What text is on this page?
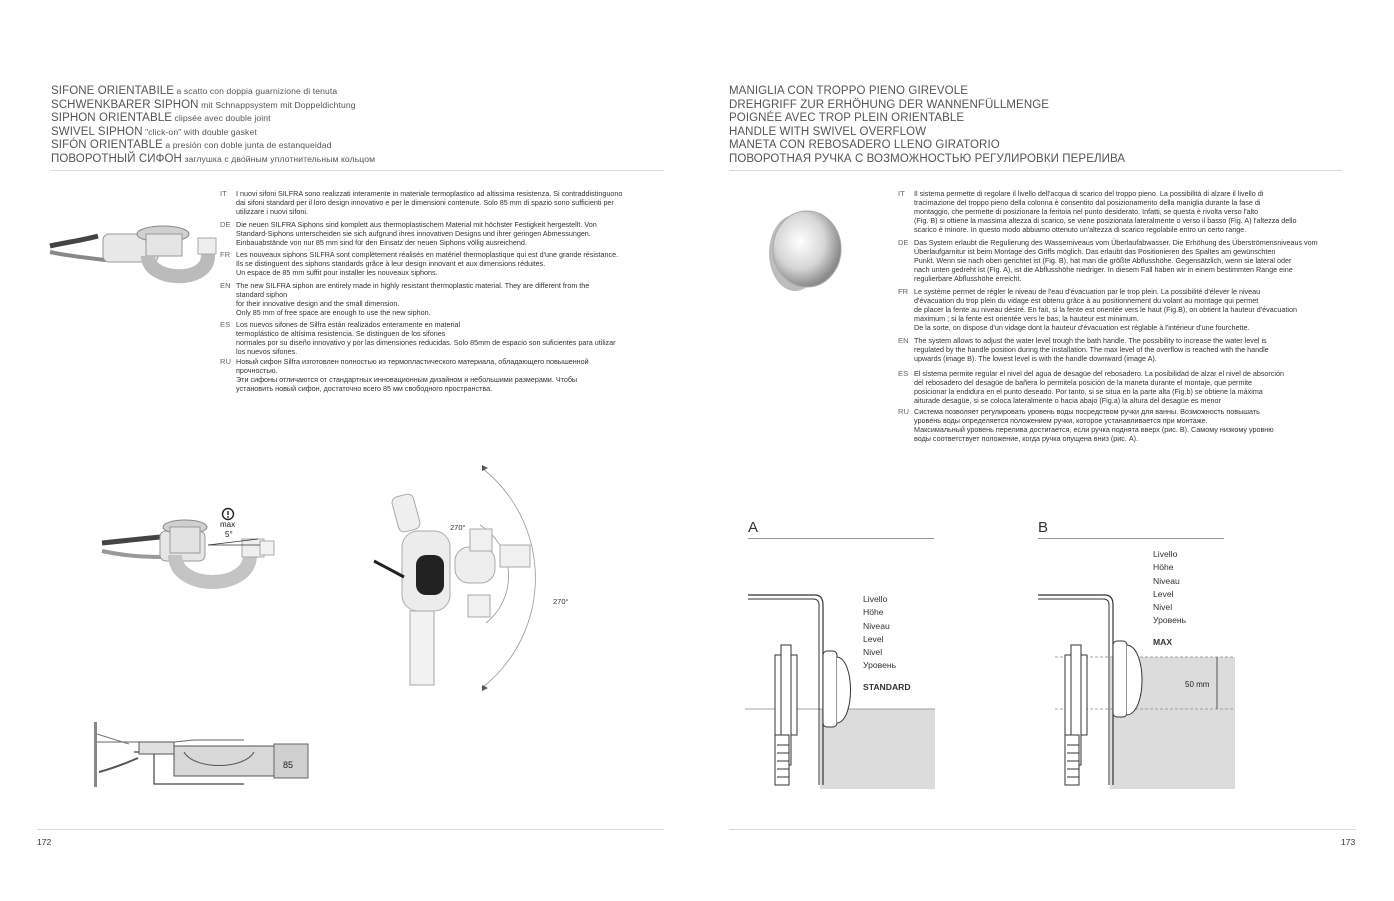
SIFONE ORIENTABILE a scatto con doppia guarnizione di tenuta
SCHWENKBARER SIPHON mit Schnappsystem mit Doppeldichtung
SIPHON ORIENTABLE clipsée avec double joint
SWIVEL SIPHON "click-on" with double gasket
SIFÓN ORIENTABLE a presión con doble junta de estanqueidad
ПОВОРОТНЫЙ СИФОН заглушка с двойным уплотнительным кольцом
IT I nuovi sifoni SILFRA sono realizzati interamente in materiale termoplastico ad altissima resistenza. Si contraddistinguono
dai sifoni standard per il loro design innovativo e per le dimensioni contenute. Solo 85 mm di spazio sono sufficienti per
utilizzare i nuovi sifoni.
DE Die neuen SILFRA Siphons sind komplett aus thermoplastischem Material mit höchster Festigkeit hergestellt. Von
Standard-Siphons unterscheiden sie sich aufgrund ihres innovativen Designs und ihrer geringen Abmessungen.
Einbauabstände von nur 85 mm sind für den Einsatz der neuen Siphons völlig ausreichend.
FR Les nouveaux siphons SILFRA sont complètement réalisés en matériel thermoplastique qui est d'une grande résistance.
Ils se distinguent des siphons standards grâce à leur design innovant et aux dimensions réduites.
Un espace de 85 mm suffit pour installer les nouveaux siphons.
EN The new SILFRA siphon are entirely made in highly resistant thermoplastic material. They are different from the
standard siphon
for their innovative design and the small dimension.
Only 85 mm of free space are enough to use the new siphon.
ES Los nuevos sifones de Silfra están realizados enteramente en material
termoplástico de altísima resistencia. Se distinguen de los sifones
normales por su diseño innovativo y por las dimensiones reducidas. Solo 85mm de espacio son suficientes para utilizar
los nuevos sifones.
RU Новый сифон Silfra изготовлен полностью из термопластического материала, обладающего повышенной
прочностью.
Эти сифоны отличаются от стандартных инновационным дизайном и небольшими размерами. Чтобы
установить новый сифон, достаточно всего 85 мм свободного пространства.
max
5°
270°
270°
85
172
MANIGLIA CON TROPPO PIENO GIREVOLE
DREHGRIFF ZUR ERHÖHUNG DER WANNENFÜLLMENGE
POIGNÉE AVEC TROP PLEIN ORIENTABLE
HANDLE WITH SWIVEL OVERFLOW
MANETA CON REBOSADERO LLENO GIRATORIO
ПОВОРОТНАЯ РУЧКА С ВОЗМОЖНОСТЬЮ РЕГУЛИРОВКИ ПЕРЕЛИВА
IT Il sistema permette di regolare il livello dell'acqua di scarico del troppo pieno. La possibilità di alzare il livello di
tracimazione del troppo pieno della colonna è consentito dal posizionamento della maniglia durante la fase di
montaggio, che permette di posizionare la feritoia nel punto desiderato. Infatti, se questa è rivolta verso l'alto
(Fig. B) si ottiene la massima altezza di scarico, se viene posizionata lateralmente o verso il basso (Fig. A) l'altezza dello
scarico è minore. In questo modo abbiamo ottenuto un'altezza di scarico regolabile entro un certo range.
DE Das System erlaubt die Regulierung des Wasserniveaus vom Überlaufabwasser. Die Erhöhung des Überströmensniveaus vom
Überlaufgarnitur ist beim Montage des Griffs möglich. Das erlaubt das Positionieren des Spaltes am gewünschten
Punkt. Wenn sie nach oben gerichtet ist (Fig. B), hat man die größte Abflusshöhe. Gegensätzlich, wenn sie lateral oder
nach unten gedreht ist (Fig. A), ist die Abflusshöhe niedriger. In diesem Fall haben wir in einem bestimmten Range eine
regulierbare Abflusshöhe erreicht.
FR Le système permet de régler le niveau de l'eau d'évacuation par le trop plein. La possibilité d'élever le niveau
d'évacuation du trop plein du vidage est obtenu grâce à au positionnement du volant au montage qui permet
de placer la fente au niveau désiré. En fait, si la fente est orientée vers le haut (Fig.B), on obtient la hauteur d'évacuation
maximum ; si la fente est orientée vers le bas, la hauteur est minimum.
De la sorte, on dispose d'un vidage dont la hauteur d'évacuation est réglable à l'intérieur d'une fourchette.
EN The system allows to adjust the water level trough the bath handle. The possibility to increase the water level is
regulated by the handle position during the installation. The max level of the overflow is reached with the handle
upwards (image B). The lowest level is with the handle downward (image A).
ES El sistema permite regular el nivel del agua de desagüe del rebosadero. La posibilidad de alzar el nivel de absorción
del rebosadero del desagüe de bañera lo permitela posición de la maneta durante el montaje, que permite
posicionar la endidura en el punto deseado. Por tanto, si se situa en la parte alta (Fig.b) se obtiene la máxima
aiturade desagüe, si se coloca lateralmente o hacia abajo (Fig.a) la altura del desagüe es menor
RU Система позволяет регулировать уровень воды посредством ручки для ванны. Возможность повышать
уровень воды определяется положением ручки, которое устанавливается при монтаже.
Максимальный уровень перелива достигается, если ручка поднята вверх (рис. B). Самому низкому уровню
воды соответствует положение, когда ручка опущена вниз (рис. A).
A
Livello
Höhe
Niveau
Level
Nivel
Уровень
STANDARD
B
Livello
Höhe
Niveau
Level
Nivel
Уровень
MAX
50 mm
173
